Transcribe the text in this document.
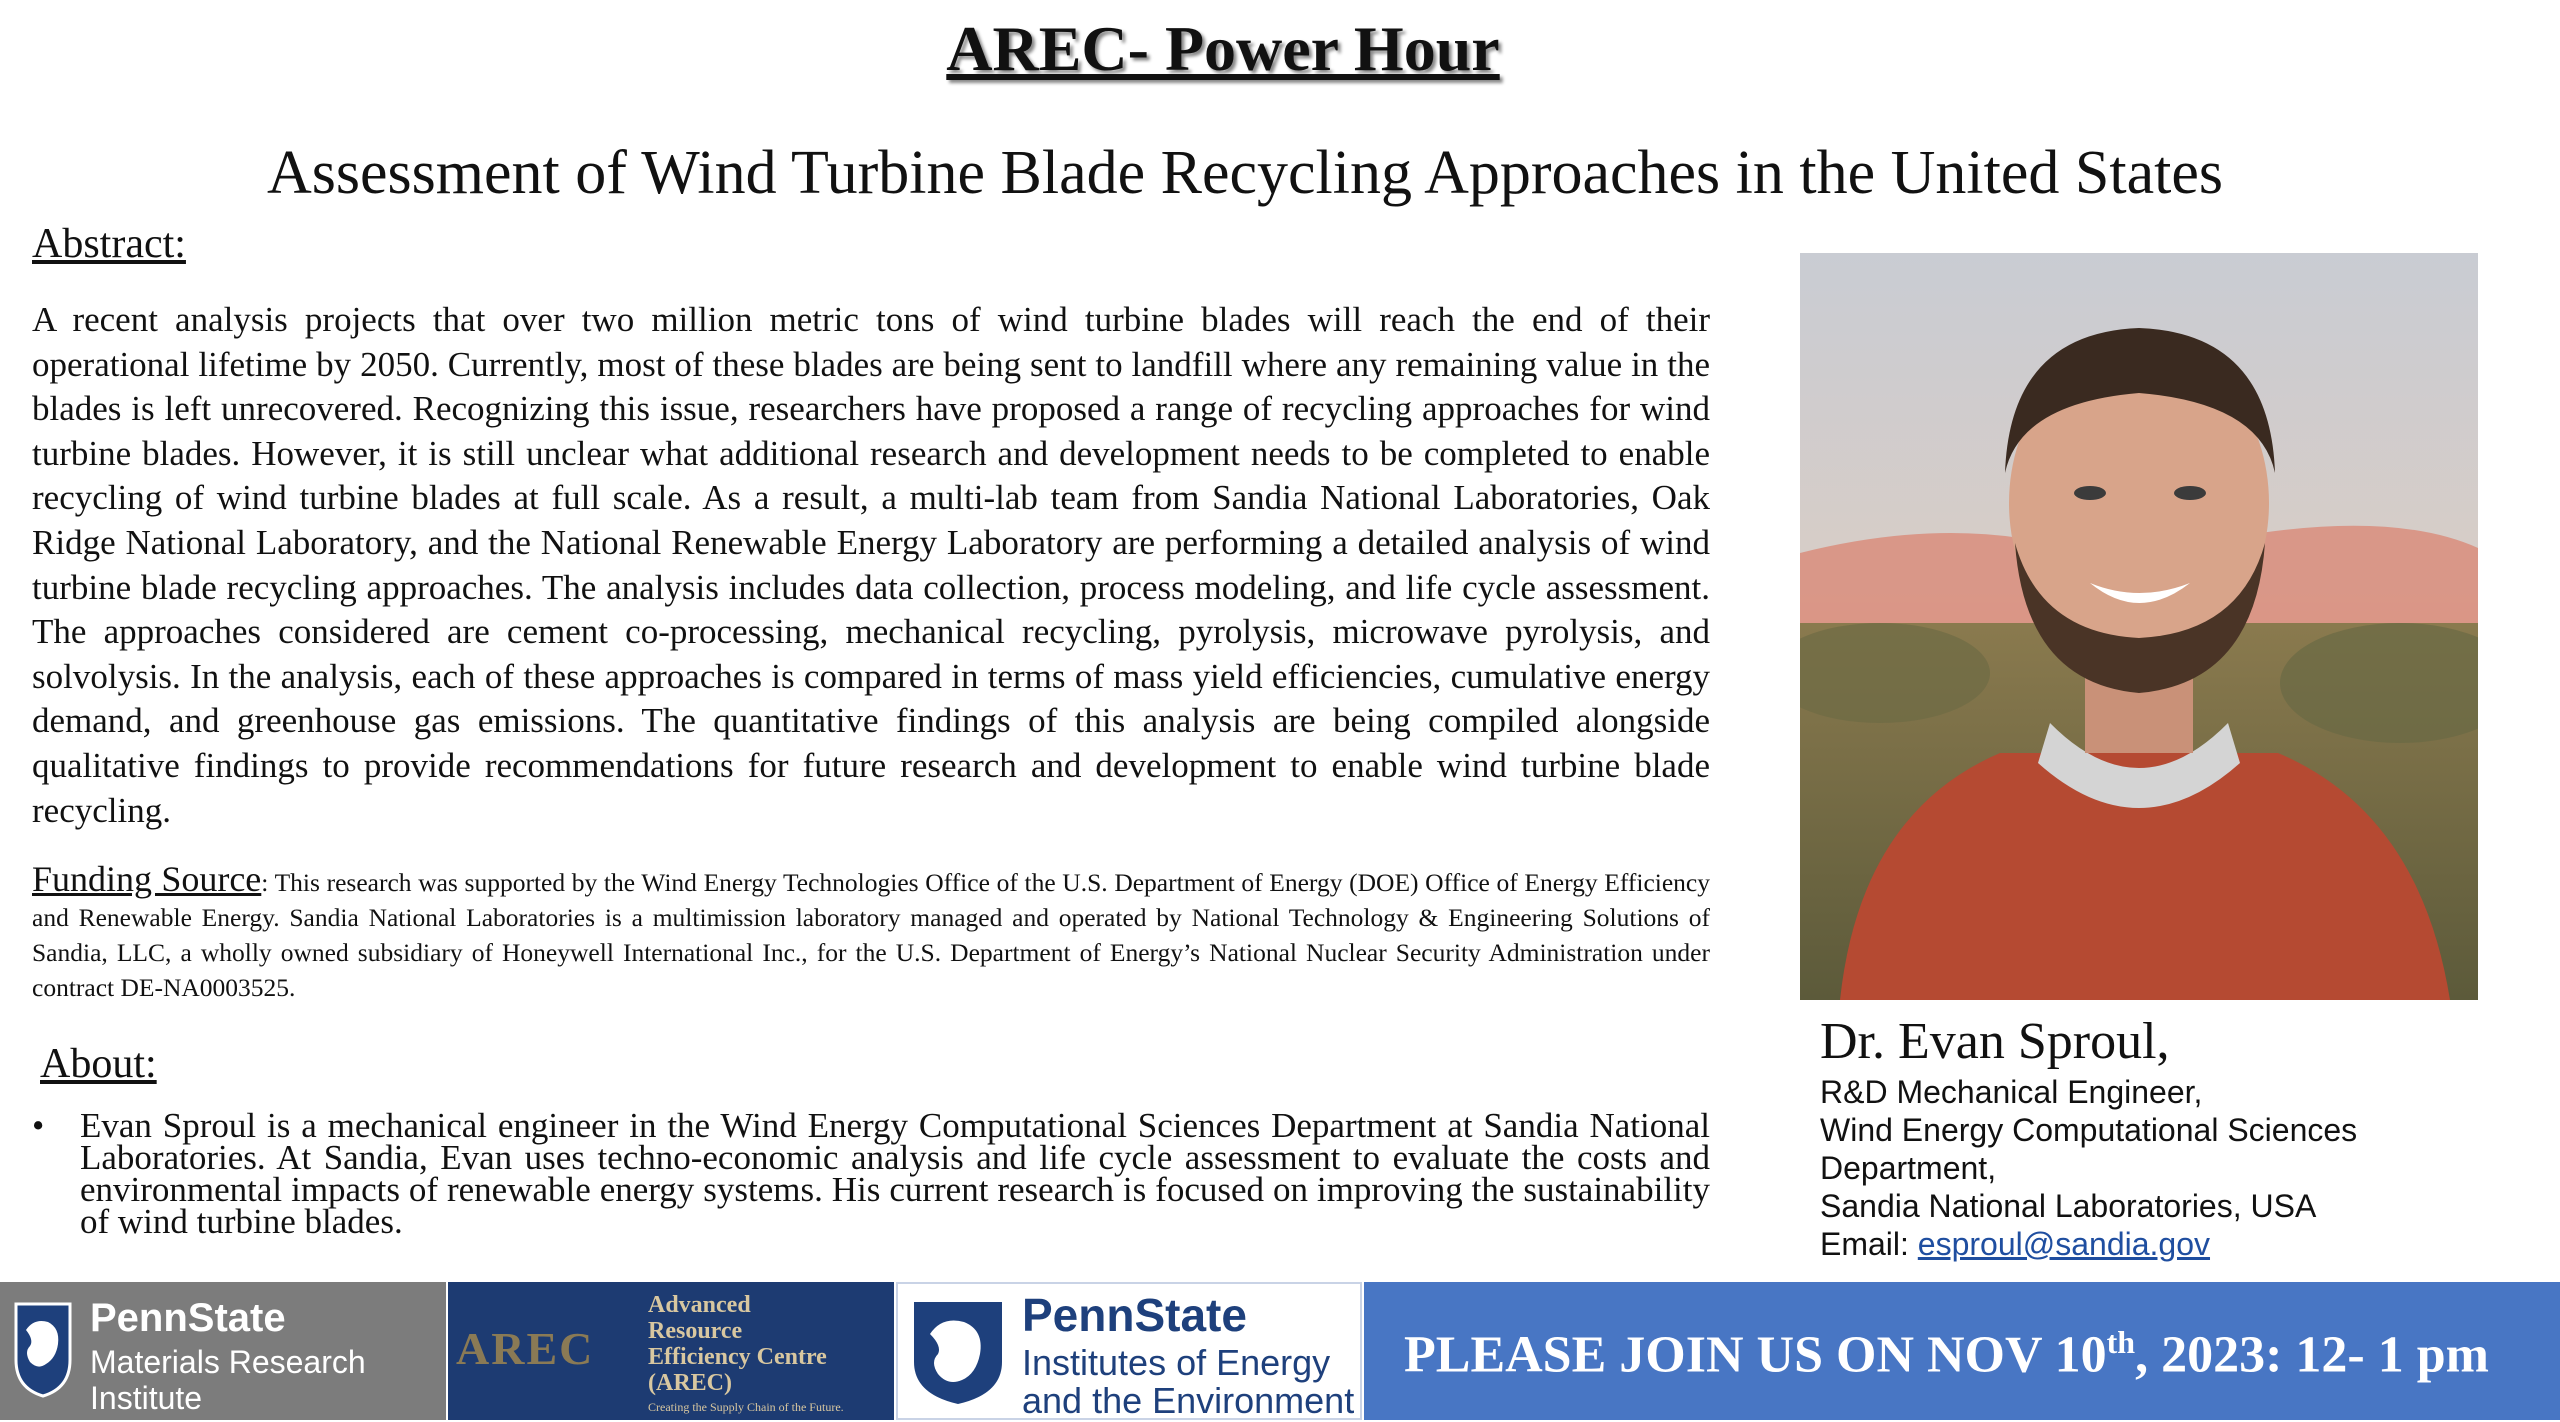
AREC- Power Hour
Assessment of Wind Turbine Blade Recycling Approaches in the United States
Abstract:

A recent analysis projects that over two million metric tons of wind turbine blades will reach the end of their operational lifetime by 2050. Currently, most of these blades are being sent to landfill where any remaining value in the blades is left unrecovered. Recognizing this issue, researchers have proposed a range of recycling approaches for wind turbine blades. However, it is still unclear what additional research and development needs to be completed to enable recycling of wind turbine blades at full scale. As a result, a multi-lab team from Sandia National Laboratories, Oak Ridge National Laboratory, and the National Renewable Energy Laboratory are performing a detailed analysis of wind turbine blade recycling approaches. The analysis includes data collection, process modeling, and life cycle assessment. The approaches considered are cement co-processing, mechanical recycling, pyrolysis, microwave pyrolysis, and solvolysis. In the analysis, each of these approaches is compared in terms of mass yield efficiencies, cumulative energy demand, and greenhouse gas emissions. The quantitative findings of this analysis are being compiled alongside qualitative findings to provide recommendations for future research and development to enable wind turbine blade recycling.

Funding Source: This research was supported by the Wind Energy Technologies Office of the U.S. Department of Energy (DOE) Office of Energy Efficiency and Renewable Energy. Sandia National Laboratories is a multimission laboratory managed and operated by National Technology & Engineering Solutions of Sandia, LLC, a wholly owned subsidiary of Honeywell International Inc., for the U.S. Department of Energy’s National Nuclear Security Administration under contract DE-NA0003525.

About:
• Evan Sproul is a mechanical engineer in the Wind Energy Computational Sciences Department at Sandia National Laboratories. At Sandia, Evan uses techno-economic analysis and life cycle assessment to evaluate the costs and environmental impacts of renewable energy systems. His current research is focused on improving the sustainability of wind turbine blades.
Dr. Evan Sproul,
R&D Mechanical Engineer,
Wind Energy Computational Sciences
Department,
Sandia National Laboratories, USA
Email: esproul@sandia.gov
PennState
Materials Research
Institute
AREC
Advanced
Resource
Efficiency Centre
(AREC)
Creating the Supply Chain of the Future.
PennState
Institutes of Energy
and the Environment
PLEASE JOIN US ON NOV 10th, 2023: 12- 1 pm
